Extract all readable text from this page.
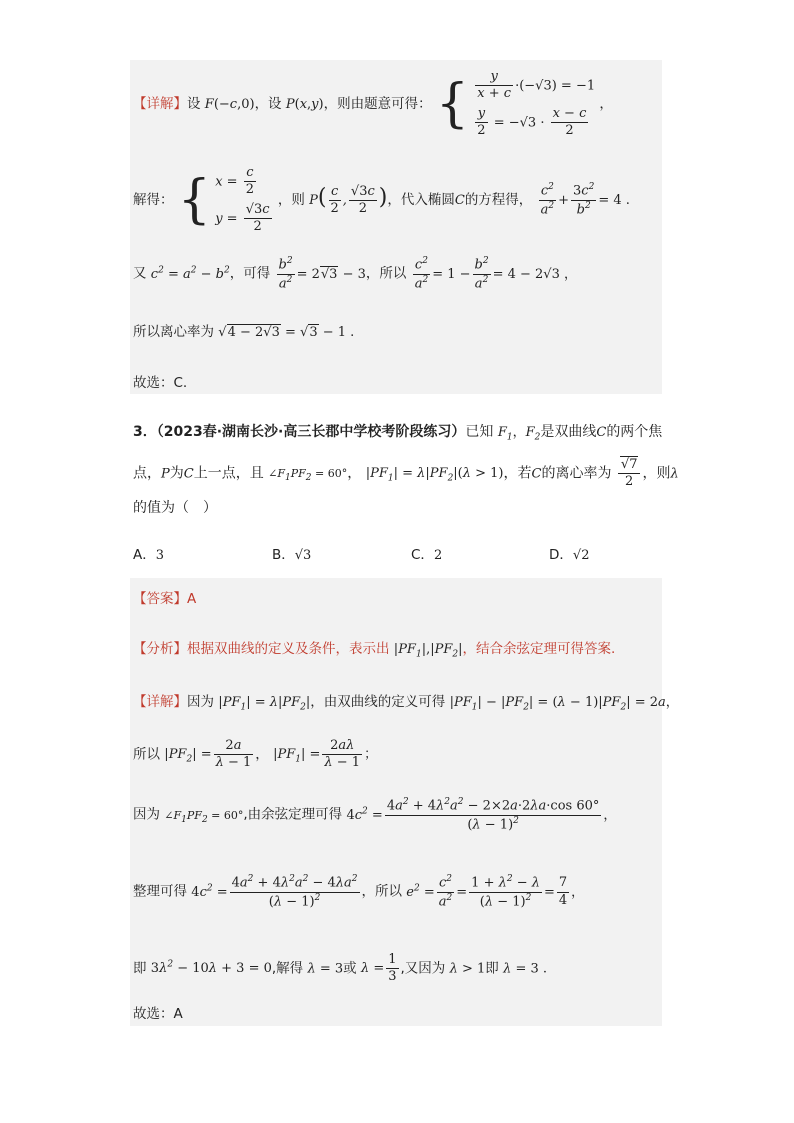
【详解】设 F(−c,0)，设 P(x,y)，则由题意可得： { $\frac{y}{x + c} \cdot(-√3) = -1$
$\frac{y}{2} = -√3 \cdot \frac{x - c}{2}$
，
解得： { $x = \frac{c}{2}$
$y = \frac{√3c}{2}$
，则 $P( \frac{c}{2}$ , $\frac{√3c}{2}$ )，代入椭圆C的方程得， $\frac{c^2}{a^2} + \frac{3c^2}{b^2} = 4$ .
又 $c^2 = a^2 - b^2$，可得 $\frac{b^2}{a^2} = 2√3 - 3$，所以 $\frac{c^2}{a^2} = 1 - \frac{b^2}{a^2} = 4 - 2√3$ ，
所以离心率为 √4 − 2√3 = √3 − 1 .
故选：C.
3．（2023春·湖南长沙·高三长郡中学校考阶段练习）已知 $F_1$，$F_2$是双曲线C的两个焦
点，P为C上一点，且 $\angle F_1PF_2 = 60^\circ$， $|PF_1| = \lambda|PF_2|(\lambda > 1)$，若C的离心率为 $\frac{√7}{2}$ ，则λ
的值为（　）
A．3	B．√3	C．2	D．√2
【答案】A
【分析】根据双曲线的定义及条件，表示出 $|PF_1|,|PF_2|$，结合余弦定理可得答案.
【详解】因为 $|PF_1| = \lambda|PF_2|$，由双曲线的定义可得 $|PF_1| - |PF_2| = (\lambda - 1)|PF_2| = 2a$，
所以 $|PF_2| = \frac{2a}{\lambda - 1}$ ， $|PF_1| = \frac{2a\lambda}{\lambda - 1}$ ；
因为 $\angle F_1PF_2 = 60^\circ$,由余弦定理可得 $4c^2 = \frac{4a^2 + 4\lambda^2a^2 - 2\times 2a\cdot 2\lambda a\cdot\cos 60^\circ}{(\lambda - 1)^2}$ ，
整理可得 $4c^2 = \frac{4a^2 + 4\lambda^2a^2 - 4\lambda a^2}{(\lambda - 1)^2}$ ，所以 $e^2 = \frac{c^2}{a^2} = \frac{1 + \lambda^2 - \lambda}{(\lambda - 1)^2} = \frac{7}{4}$ ，
即 $3\lambda^2 - 10\lambda + 3 = 0$,解得 λ = 3或 $\lambda = \frac{1}{3}$ ,又因为 λ > 1即 λ = 3 .
故选：A
